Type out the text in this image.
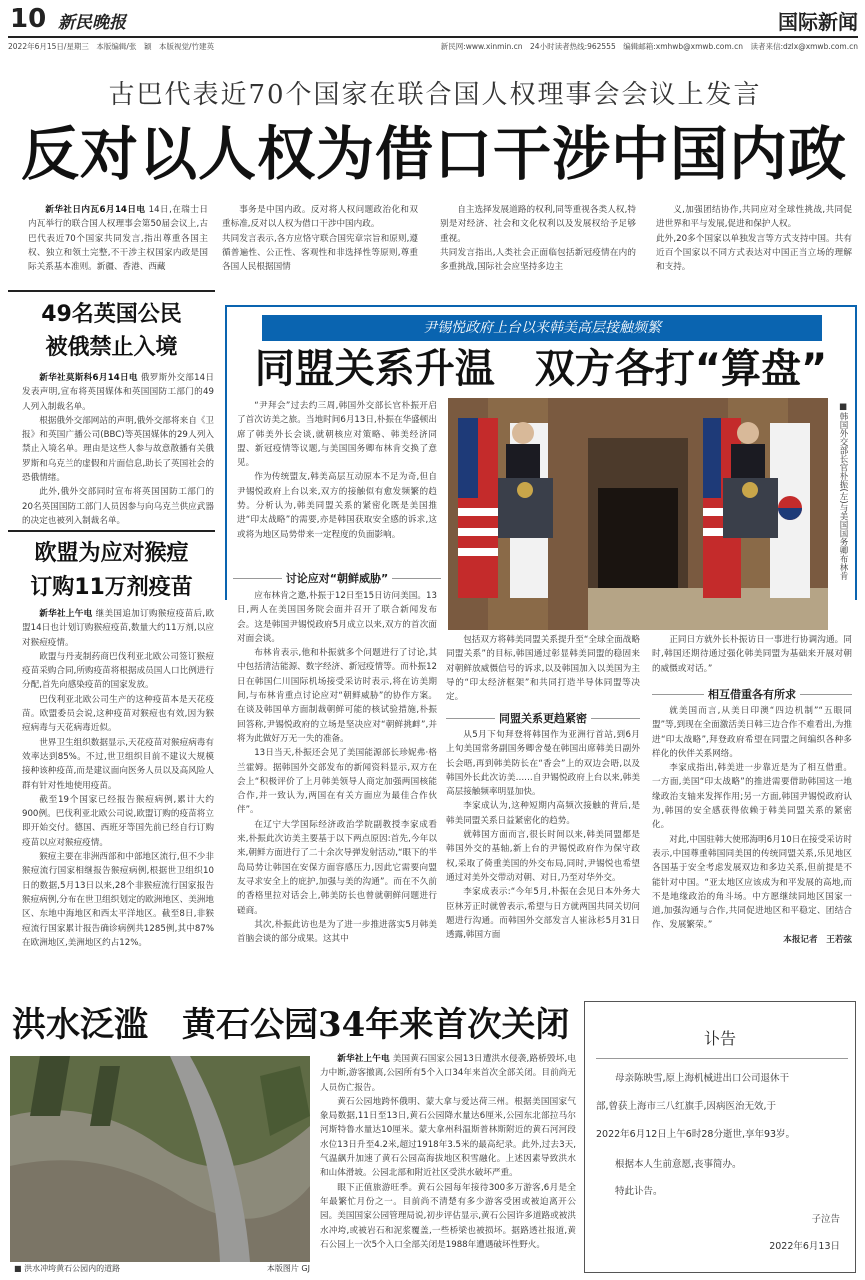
10 新民晚报	国际新闻
2022年6月15日/星期三　本版编辑/张　颖　本版视觉/竹建英	新民网:www.xinmin.cn　24小时读者热线:962555　编辑邮箱:xmhwb@xmwb.com.cn　读者来信:dzlx@xmwb.com.cn
古巴代表近70个国家在联合国人权理事会会议上发言
反对以人权为借口干涉中国内政
新华社日内瓦6月14日电 14日,在瑞士日内瓦举行的联合国人权理事会第50届会议上,古巴代表近70个国家共同发言,指出尊重各国主权、独立和领土完整,不干涉主权国家内政是国际关系基本准则。新疆、香港、西藏
事务是中国内政。反对将人权问题政治化和双重标准,反对以人权为借口干涉中国内政。
共同发言表示,各方应恪守联合国宪章宗旨和原则,遵循普遍性、公正性、客观性和非选择性等原则,尊重各国人民根据国情
自主选择发展道路的权利,同等重视各类人权,特别是对经济、社会和文化权利以及发展权给予足够重视。
共同发言指出,人类社会正面临包括新冠疫情在内的多重挑战,国际社会应坚持多边主
义,加强团结协作,共同应对全球性挑战,共同促进世界和平与发展,促进和保护人权。
此外,20多个国家以单独发言等方式支持中国。共有近百个国家以不同方式表达对中国正当立场的理解和支持。
49名英国公民
被俄禁止入境

新华社莫斯科6月14日电 俄罗斯外交部14日发表声明,宣布将英国媒体和英国国防工部门的49人列入制裁名单。

根据俄外交部网站的声明,俄外交部将来自《卫报》和英国广播公司(BBC)等英国媒体的29人列入禁止入境名单。理由是这些人参与故意散播有关俄罗斯和乌克兰的虚假和片面信息,助长了英国社会的恐俄情绪。

此外,俄外交部同时宣布将英国国防工部门的20名英国国防工部门人员因参与向乌克兰供应武器的决定也被列入制裁名单。

欧盟为应对猴痘
订购11万剂疫苗

新华社上午电 继美国追加订购猴痘疫苗后,欧盟14日也计划订购猴痘疫苗,数量大约11万剂,以应对猴痘疫情。

欧盟与丹麦制药商巴伐利亚北欧公司签订猴痘疫苗采购合同,所购疫苗将根据成员国人口比例进行分配,首先向感染疫苗的国家发放。

巴伐利亚北欧公司生产的这种疫苗本是天花疫苗。欧盟委员会说,这种疫苗对猴痘也有效,因为猴痘病毒与天花病毒近似。

世界卫生组织数据显示,天花疫苗对猴痘病毒有效率达到85%。不过,世卫组织目前不建议大规模接种该种疫苗,而是建议面向医务人员以及高风险人群有针对性地使用疫苗。

截至19个国家已经报告猴痘病例,累计大约900例。巴伐利亚北欧公司说,欧盟订购的疫苗将立即开始交付。德国、西班牙等国先前已经自行订购疫苗以应对猴痘疫情。

猴痘主要在非洲西部和中部地区流行,但不少非猴痘流行国家相继报告猴痘病例,根据世卫组织10日的数据,5月13日以来,28个非猴痘流行国家报告猴痘病例,分布在世卫组织划定的欧洲地区、美洲地区、东地中海地区和西太平洋地区。截至8日,非猴痘流行国家累计报告确诊病例共1285例,其中87%在欧洲地区,美洲地区约占12%。

尹锡悦政府上台以来韩美高层接触频繁
同盟关系升温　双方各打“算盘”
■韩国外交部长官朴振(左)与美国国务卿布林肯

“尹拜会”过去约三周,韩国外交部长官朴振开启了首次访美之旅。当地时间6月13日,朴振在华盛顿出席了韩美外长会谈,就朝核应对策略、韩美经济同盟、新冠疫情等议题,与美国国务卿布林肯交换了意见。

作为传统盟友,韩美高层互动原本不足为奇,但自尹锡悦政府上台以来,双方的接触似有愈发频繁的趋势。分析认为,韩美同盟关系的紧密化既是美国推进“印太战略”的需要,亦是韩国获取安全感的诉求,这或将为地区局势带来一定程度的负面影响。

讨论应对“朝鲜威胁”

应布林肯之邀,朴振于12日至15日访问美国。13日,两人在美国国务院会面并召开了联合新闻发布会。这是韩国尹锡悦政府5月成立以来,双方的首次面对面会谈。

布林肯表示,他和朴振就多个问题进行了讨论,其中包括清洁能源、数字经济、新冠疫情等。而朴振12日在韩国仁川国际机场接受采访时表示,将在访美期间,与布林肯重点讨论应对“朝鲜威胁”的协作方案。在谈及韩国单方面制裁朝鲜可能的核试验措施,朴振回答称,尹锡悦政府的立场是坚决应对“朝鲜挑衅”,并将为此做好万无一失的准备。

13日当天,朴振还会见了美国能源部长珍妮弗·格兰霍姆。据韩国外交部发布的新闻资料显示,双方在会上“积极评价了上月韩美领导人商定加强两国核能合作,并一致认为,两国在有关方面应为最佳合作伙伴”。

在辽宁大学国际经济政治学院副教授李家成看来,朴振此次访美主要基于以下两点原因:首先,今年以来,朝鲜方面进行了二十余次导弹发射活动,“眼下的半岛局势让韩国在安保方面容感压力,因此它需要向盟友寻求安全上的庇护,加强与美的沟通”。而在不久前的香格里拉对话会上,韩美防长也曾就朝鲜问题进行磋商。

其次,朴振此访也是为了进一步推进落实5月韩美首脑会谈的部分成果。这其中

包括双方将韩美同盟关系提升至“全球全面战略同盟关系”的目标,韩国通过彰显韩美同盟的稳固来对朝鲜放威慑信号的诉求,以及韩国加入以美国为主导的“印太经济框架”和共同打造半导体同盟等决定。

同盟关系更趋紧密

从5月下旬拜登将韩国作为亚洲行首站,到6月上旬美国常务副国务卿舍曼在韩国出席韩美日副外长会晤,再到韩美防长在“香会”上的双边会晤,以及韩国外长此次访美……自尹锡悦政府上台以来,韩美高层接触频率明显加快。

李家成认为,这种短期内高频次接触的背后,是韩美同盟关系日益紧密化的趋势。

就韩国方面而言,很长时间以来,韩美同盟都是韩国外交的基轴,新上台的尹锡悦政府作为保守政权,采取了倚重美国的外交布局,同时,尹锡悦也希望通过对美外交带动对朝、对日,乃至对华外交。

李家成表示:“今年5月,朴振在会见日本外务大臣林芳正时就曾表示,希望与日方就两国共同关切问题进行沟通。而韩国外交部发言人崔泳杉5月31日透露,韩国方面

正同日方就外长朴振访日一事进行协调沟通。同时,韩国还期待通过强化韩美同盟为基础来开展对朝的威慑或对话。”

相互借重各有所求

就美国而言,从美日印澳“四边机制”“五眼同盟”等,到现在全面激活美日韩三边合作不难看出,为推进“印太战略”,拜登政府希望在同盟之间编织各种多样化的伙伴关系网络。

李家成指出,韩美进一步靠近是为了相互借重。一方面,美国“印太战略”的推进需要借助韩国这一地缘政治支轴来发挥作用;另一方面,韩国尹锡悦政府认为,韩国的安全感获得依赖于韩美同盟关系的紧密化。

对此,中国驻韩大使邢海明6月10日在接受采访时表示,中国尊重韩国同美国的传统同盟关系,乐见地区各国基于安全考虑发展双边和多边关系,但前提是不能针对中国。“亚太地区应该成为和平发展的高地,而不是地缘政治的角斗场。中方愿继续同地区国家一道,加强沟通与合作,共同促进地区和平稳定、团结合作、发展繁荣。”

本报记者　王若弦

洪水泛滥　黄石公园34年来首次关闭
■ 洪水冲垮黄石公园内的道路	本版图片 GJ

新华社上午电 美国黄石国家公园13日遭洪水侵袭,路桥毁坏,电力中断,游客撤离,公园所有5个入口34年来首次全部关闭。目前尚无人员伤亡报告。

黄石公园地跨怀俄明、蒙大拿与爱达荷三州。根据美国国家气象局数据,11日至13日,黄石公园降水量达6厘米,公园东北部拉马尔河斯特鲁水量达10厘米。蒙大拿州科温斯普林斯附近的黄石河河段水位13日升至4.2米,超过1918年3.5米的最高纪录。此外,过去3天,气温飙升加速了黄石公园高海拔地区积雪融化。上述因素导致洪水和山体滑坡。公园北部和附近社区受洪水破坏严重。

眼下正值旅游旺季。黄石公园每年接待300多万游客,6月是全年最繁忙月份之一。目前尚不清楚有多少游客受困或被迫离开公园。美国国家公园管理局说,初步评估显示,黄石公园许多道路或被洪水冲垮,或被岩石和泥浆覆盖,一些桥梁也被损坏。据路透社报道,黄石公园上一次5个入口全部关闭是1988年遭遇破坏性野火。

讣告
　　母亲陈映雪,原上海机械进出口公司退休干
部,曾获上海市三八红旗手,因病医治无效,于
2022年6月12日上午6时28分逝世,享年93岁。
　　根据本人生前意愿,丧事简办。
　　特此讣告。
子泣告
2022年6月13日
